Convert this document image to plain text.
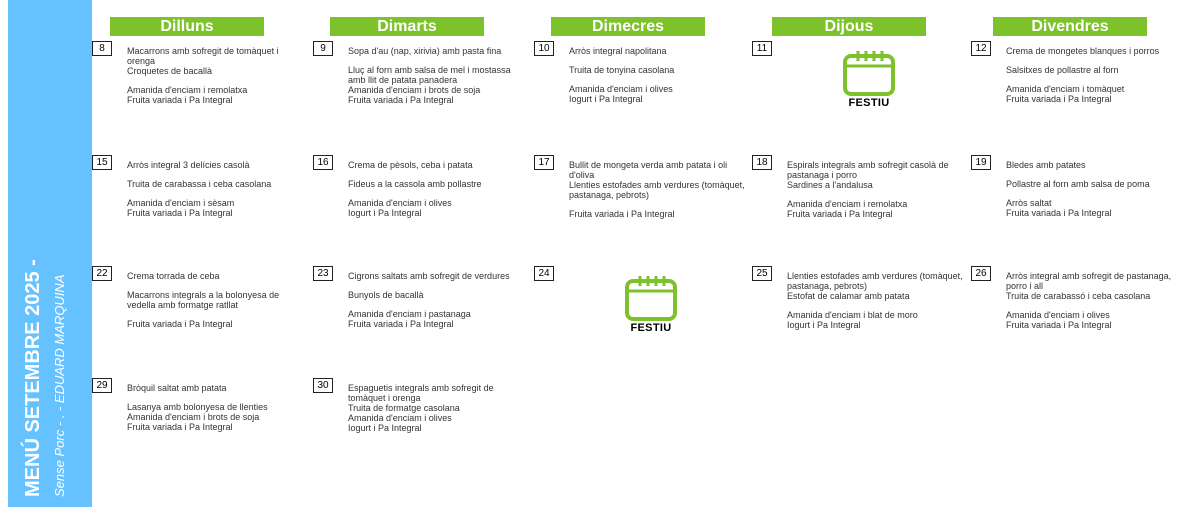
MENÚ SETEMBRE 2025 - Sense Porc - . - EDUARD MARQUINA
Dilluns	Dimarts	Dimecres	Dijous	Divendres
8	Macarrons amb sofregit de tomàquet i orenga
Croquetes de bacallà
Amanida d'enciam i remolatxa
Fruita variada i Pa Integral
9	Sopa d'au (nap, xirivia) amb pasta fina
Lluç al forn amb salsa de mel i mostassa amb llit de patata panadera
Amanida d'enciam i brots de soja
Fruita variada i Pa Integral
10	Arròs integral napolitana
Truita de tonyina casolana
Amanida d'enciam i olives
Iogurt i Pa Integral
11
FESTIU
12	Crema de mongetes blanques i porros
Salsitxes de pollastre al forn
Amanida d'enciam i tomàquet
Fruita variada i Pa Integral
15	Arròs integral 3 delícies casolà
Truita de carabassa i ceba casolana
Amanida d'enciam i sèsam
Fruita variada i Pa Integral
16	Crema de pèsols, ceba i patata
Fideus a la cassola amb pollastre
Amanida d'enciam i olives
Iogurt i Pa Integral
17	Bullit de mongeta verda amb patata i oli d'oliva
Llenties estofades amb verdures (tomàquet, pastanaga, pebrots)
Fruita variada i Pa Integral
18	Espirals integrals amb sofregit casolà de pastanaga i porro
Sardines a l'andalusa
Amanida d'enciam i remolatxa
Fruita variada i Pa Integral
19	Bledes amb patates
Pollastre al forn amb salsa de poma
Arròs saltat
Fruita variada i Pa Integral
22	Crema torrada de ceba
Macarrons integrals a la bolonyesa de vedella amb formatge ratllat
Fruita variada i Pa Integral
23	Cigrons saltats amb sofregit de verdures
Bunyols de bacallà
Amanida d'enciam i pastanaga
Fruita variada i Pa Integral
24
FESTIU
25	Llenties estofades amb verdures (tomàquet, pastanaga, pebrots)
Estofat de calamar amb patata
Amanida d'enciam i blat de moro
Iogurt i Pa Integral
26	Arròs integral amb sofregit de pastanaga, porro i all
Truita de carabassó i ceba casolana
Amanida d'enciam i olives
Fruita variada i Pa Integral
29	Bròquil saltat amb patata
Lasanya amb bolonyesa de llenties
Amanida d'enciam i brots de soja
Fruita variada i Pa Integral
30	Espaguetis integrals amb sofregit de tomàquet i orenga
Truita de formatge casolana
Amanida d'enciam i olives
Iogurt i Pa Integral
